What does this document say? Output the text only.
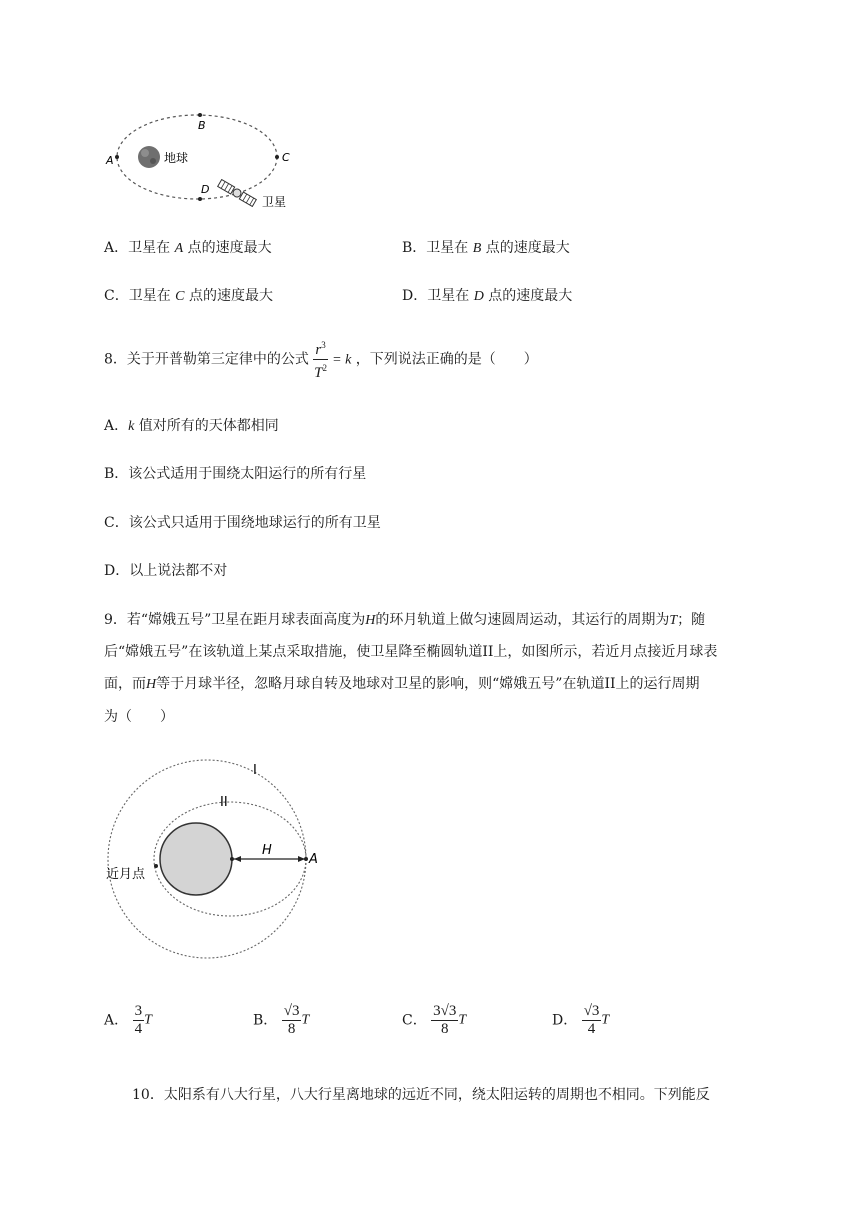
地球
A
B
C
D
卫星
A．卫星在 A 点的速度最大	B．卫星在 B 点的速度最大
C．卫星在 C 点的速度最大	D．卫星在 D 点的速度最大
8．关于开普勒第三定律中的公式 $\frac{r^3}{T^2} = k$ ，下列说法正确的是（　　）
A．k 值对所有的天体都相同
B．该公式适用于围绕太阳运行的所有行星
C．该公式只适用于围绕地球运行的所有卫星
D．以上说法都不对
9．若“嫦娥五号”卫星在距月球表面高度为H的环月轨道上做匀速圆周运动，其运行的周期为T；随
后“嫦娥五号”在该轨道上某点采取措施，使卫星降至椭圆轨道II上，如图所示，若近月点接近月球表
面，而H等于月球半径，忽略月球自转及地球对卫星的影响，则“嫦娥五号”在轨道II上的运行周期
为（　　）
I
II
H
A
近月点
A． $\frac{3}{4}$ T	B． $\frac{√3}{8}$ T	C． $\frac{3√3}{8}$ T	D． $\frac{√3}{4}$ T
10．太阳系有八大行星，八大行星离地球的远近不同，绕太阳运转的周期也不相同。下列能反
